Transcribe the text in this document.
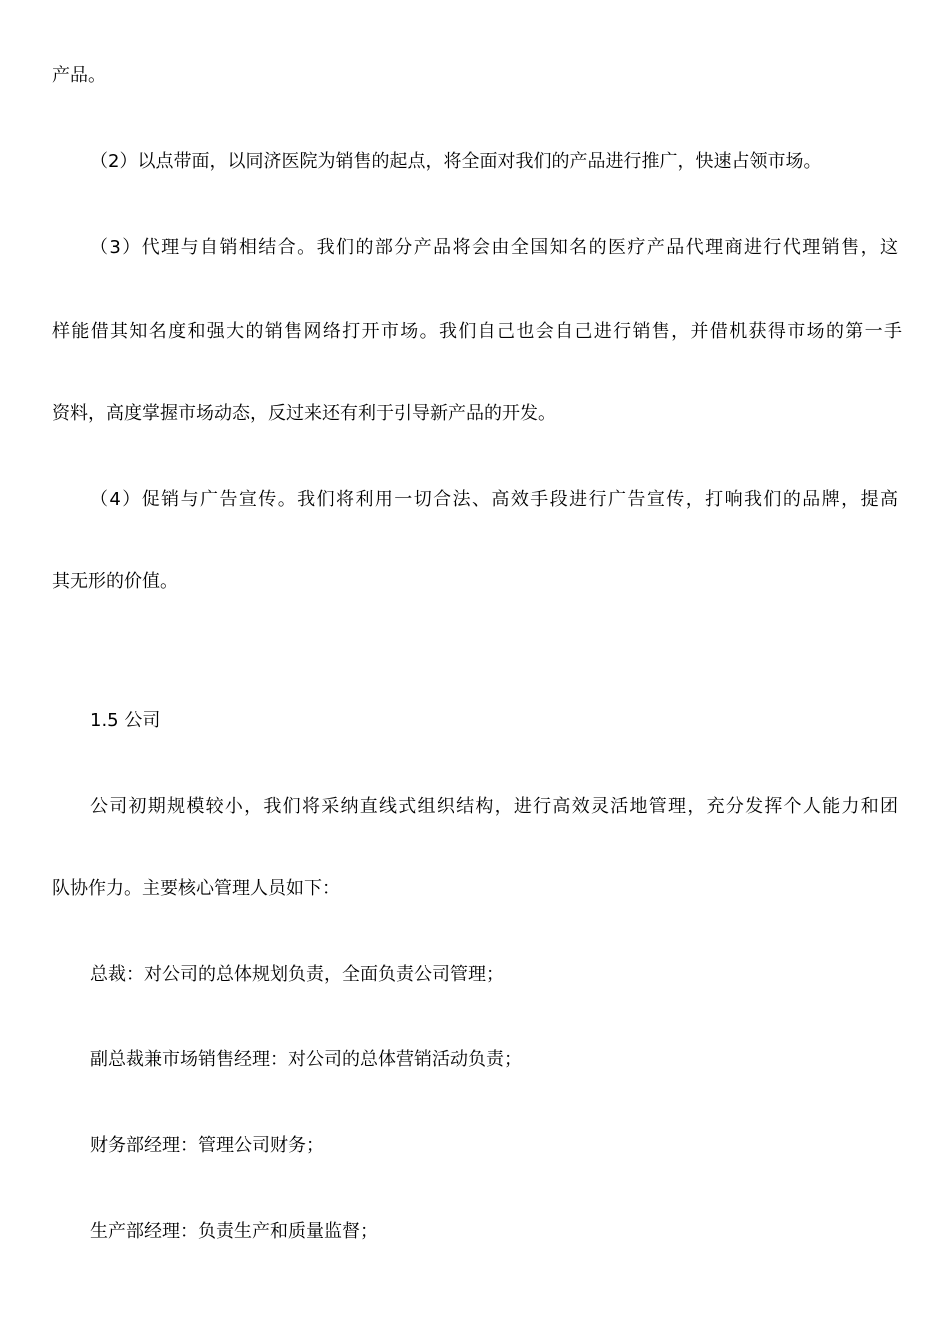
产品。
（2）以点带面，以同济医院为销售的起点，将全面对我们的产品进行推广，快速占领市场。
（3）代理与自销相结合。我们的部分产品将会由全国知名的医疗产品代理商进行代理销售，这
样能借其知名度和强大的销售网络打开市场。我们自己也会自己进行销售，并借机获得市场的第一手
资料，高度掌握市场动态，反过来还有利于引导新产品的开发。
（4）促销与广告宣传。我们将利用一切合法、高效手段进行广告宣传，打响我们的品牌，提高
其无形的价值。
1.5 公司
公司初期规模较小，我们将采纳直线式组织结构，进行高效灵活地管理，充分发挥个人能力和团
队协作力。主要核心管理人员如下：
总裁：对公司的总体规划负责，全面负责公司管理；
副总裁兼市场销售经理：对公司的总体营销活动负责；
财务部经理：管理公司财务；
生产部经理：负责生产和质量监督；
